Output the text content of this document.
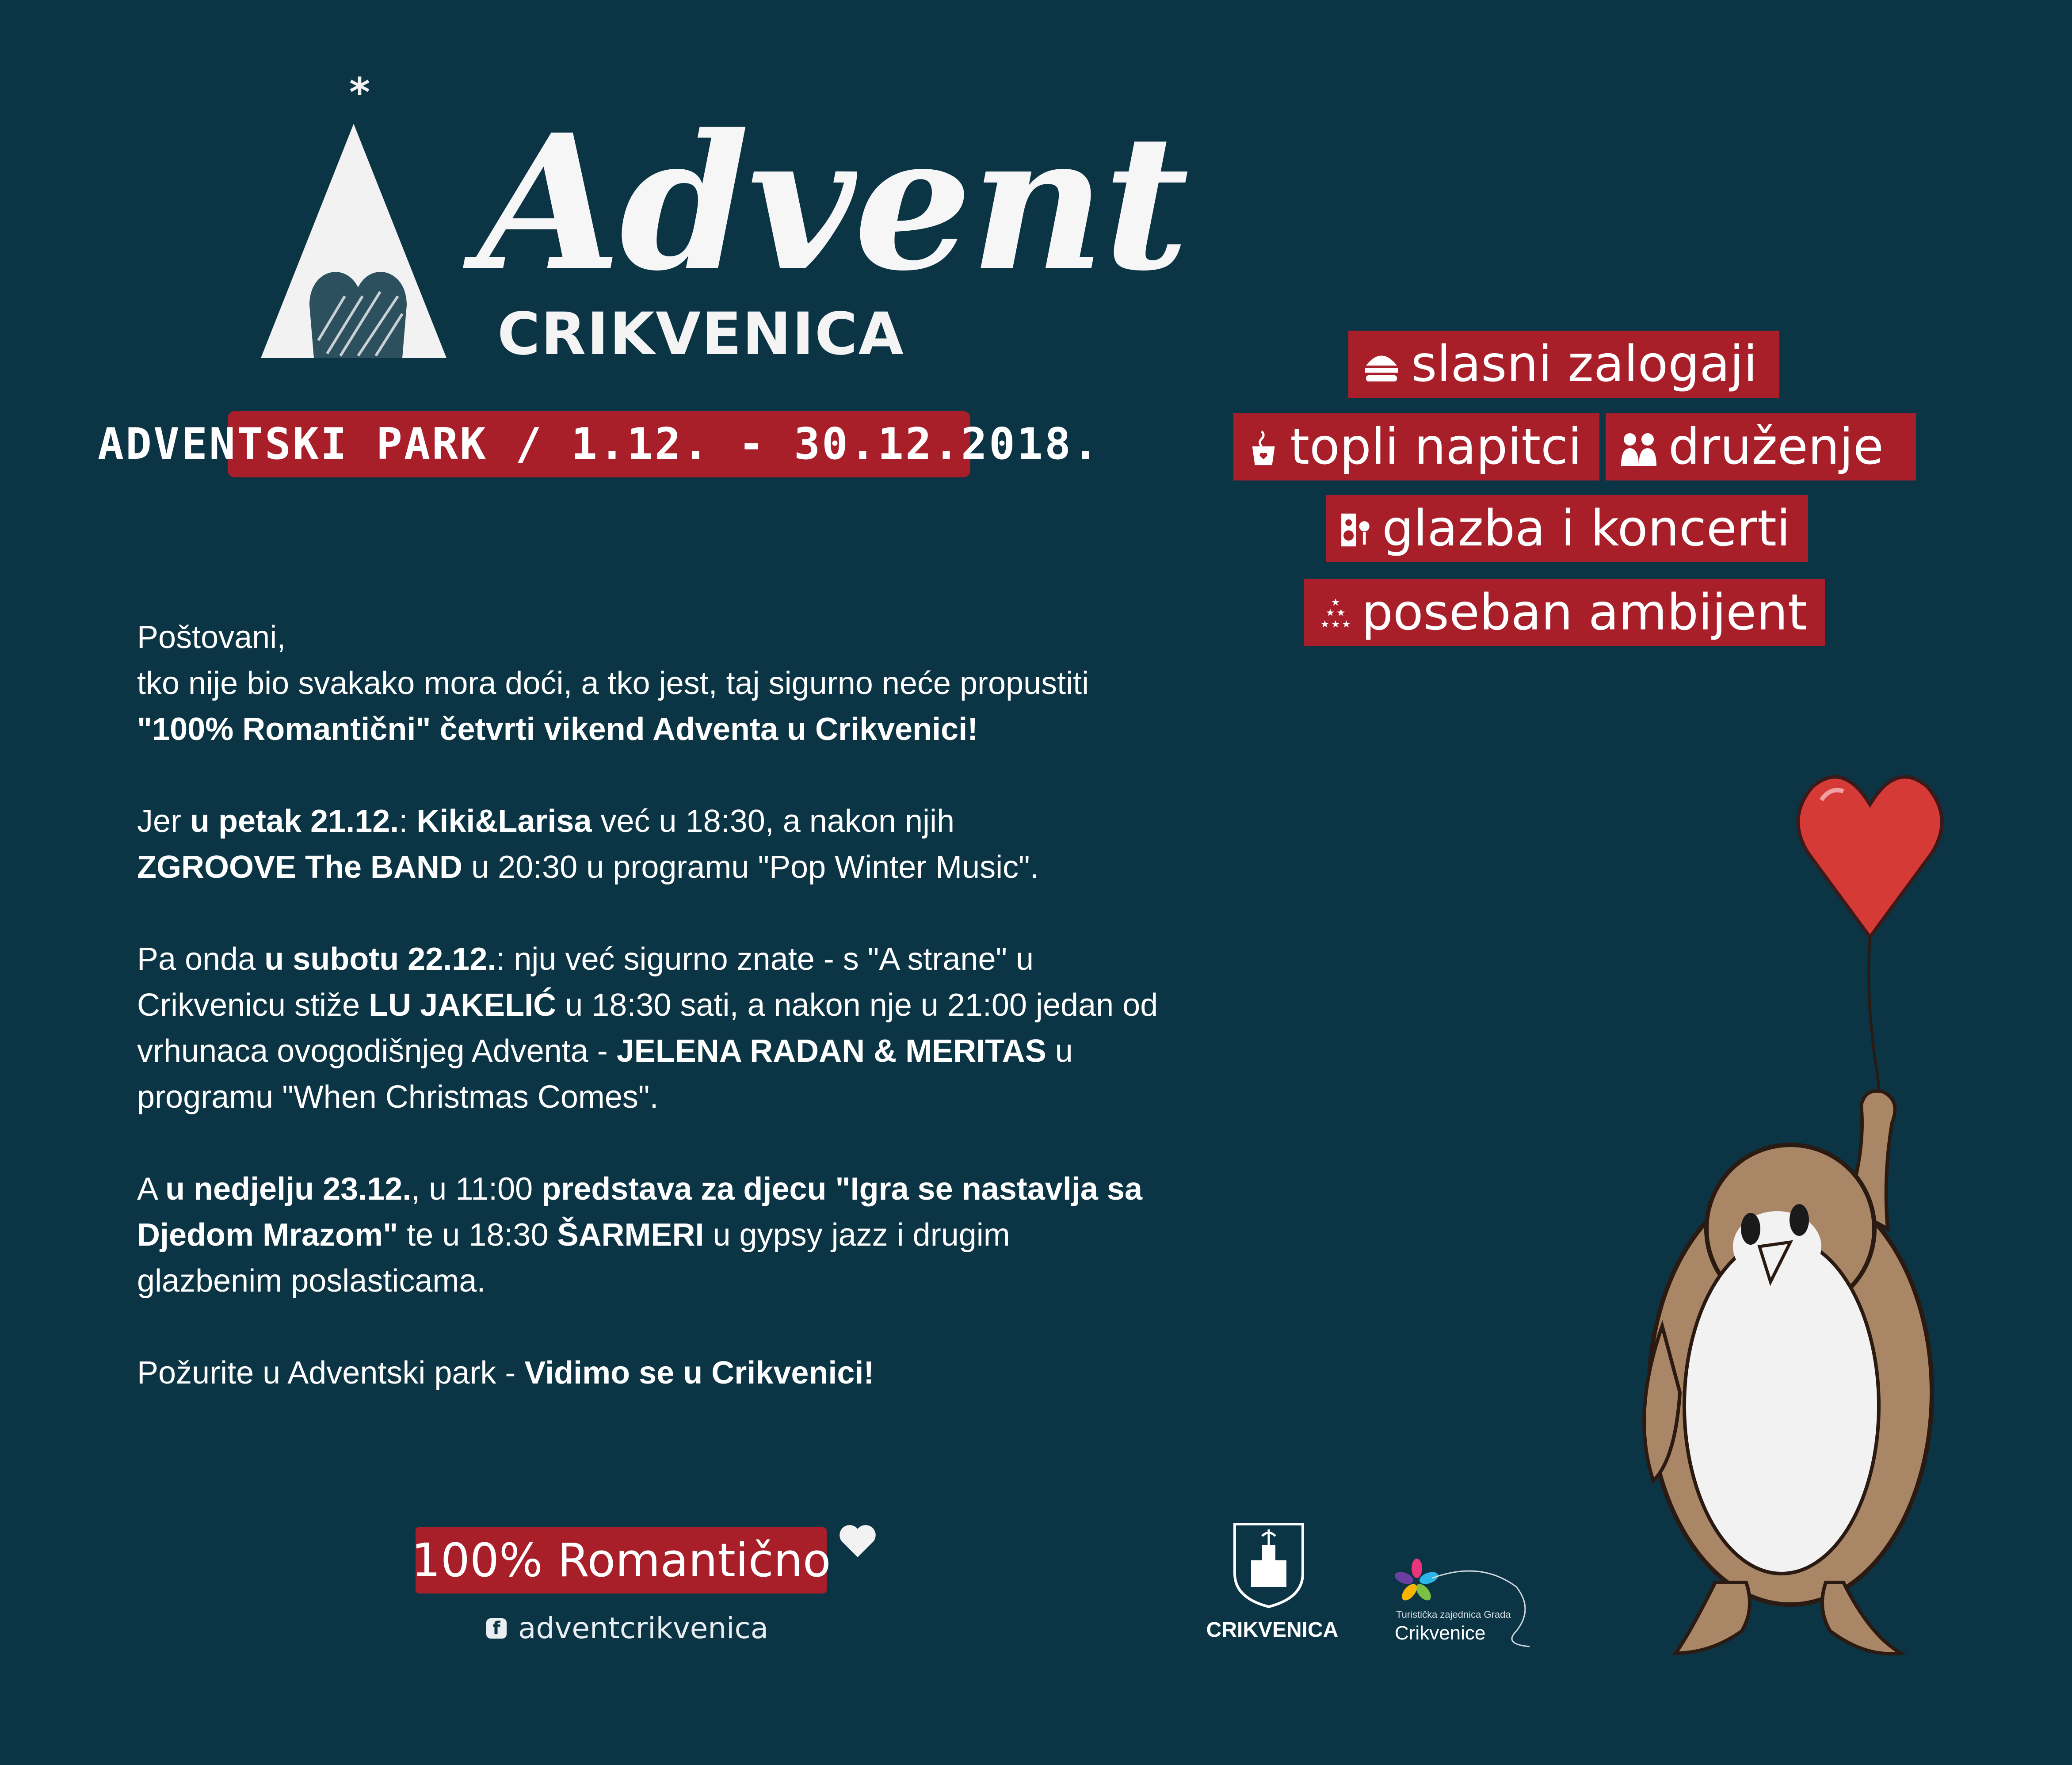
*
Advent
CRIKVENICA
ADVENTSKI PARK / 1.12. - 30.12.2018.
slasni zalogaji
topli napitci druženje
glazba i koncerti
★
★ ★
★ ★ ★ poseban ambijent

Poštovani,
tko nije bio svakako mora doći, a tko jest, taj sigurno neće propustiti
"100% Romantični" četvrti vikend Adventa u Crikvenici!

Jer u petak 21.12.: Kiki&Larisa već u 18:30, a nakon njih
ZGROOVE The BAND u 20:30 u programu "Pop Winter Music".

Pa onda u subotu 22.12.: nju već sigurno znate - s "A strane" u
Crikvenicu stiže LU JAKELIĆ u 18:30 sati, a nakon nje u 21:00 jedan od
vrhunaca ovogodišnjeg Adventa - JELENA RADAN & MERITAS u
programu "When Christmas Comes".

A u nedjelju 23.12., u 11:00 predstava za djecu "Igra se nastavlja sa
Djedom Mrazom" te u 18:30 ŠARMERI u gypsy jazz i drugim
glazbenim poslasticama.

Požurite u Adventski park - Vidimo se u Crikvenici!

100% Romantično
f adventcrikvenica	CRIKVENICA
Turistička zajednica Grada
Crikvenice
